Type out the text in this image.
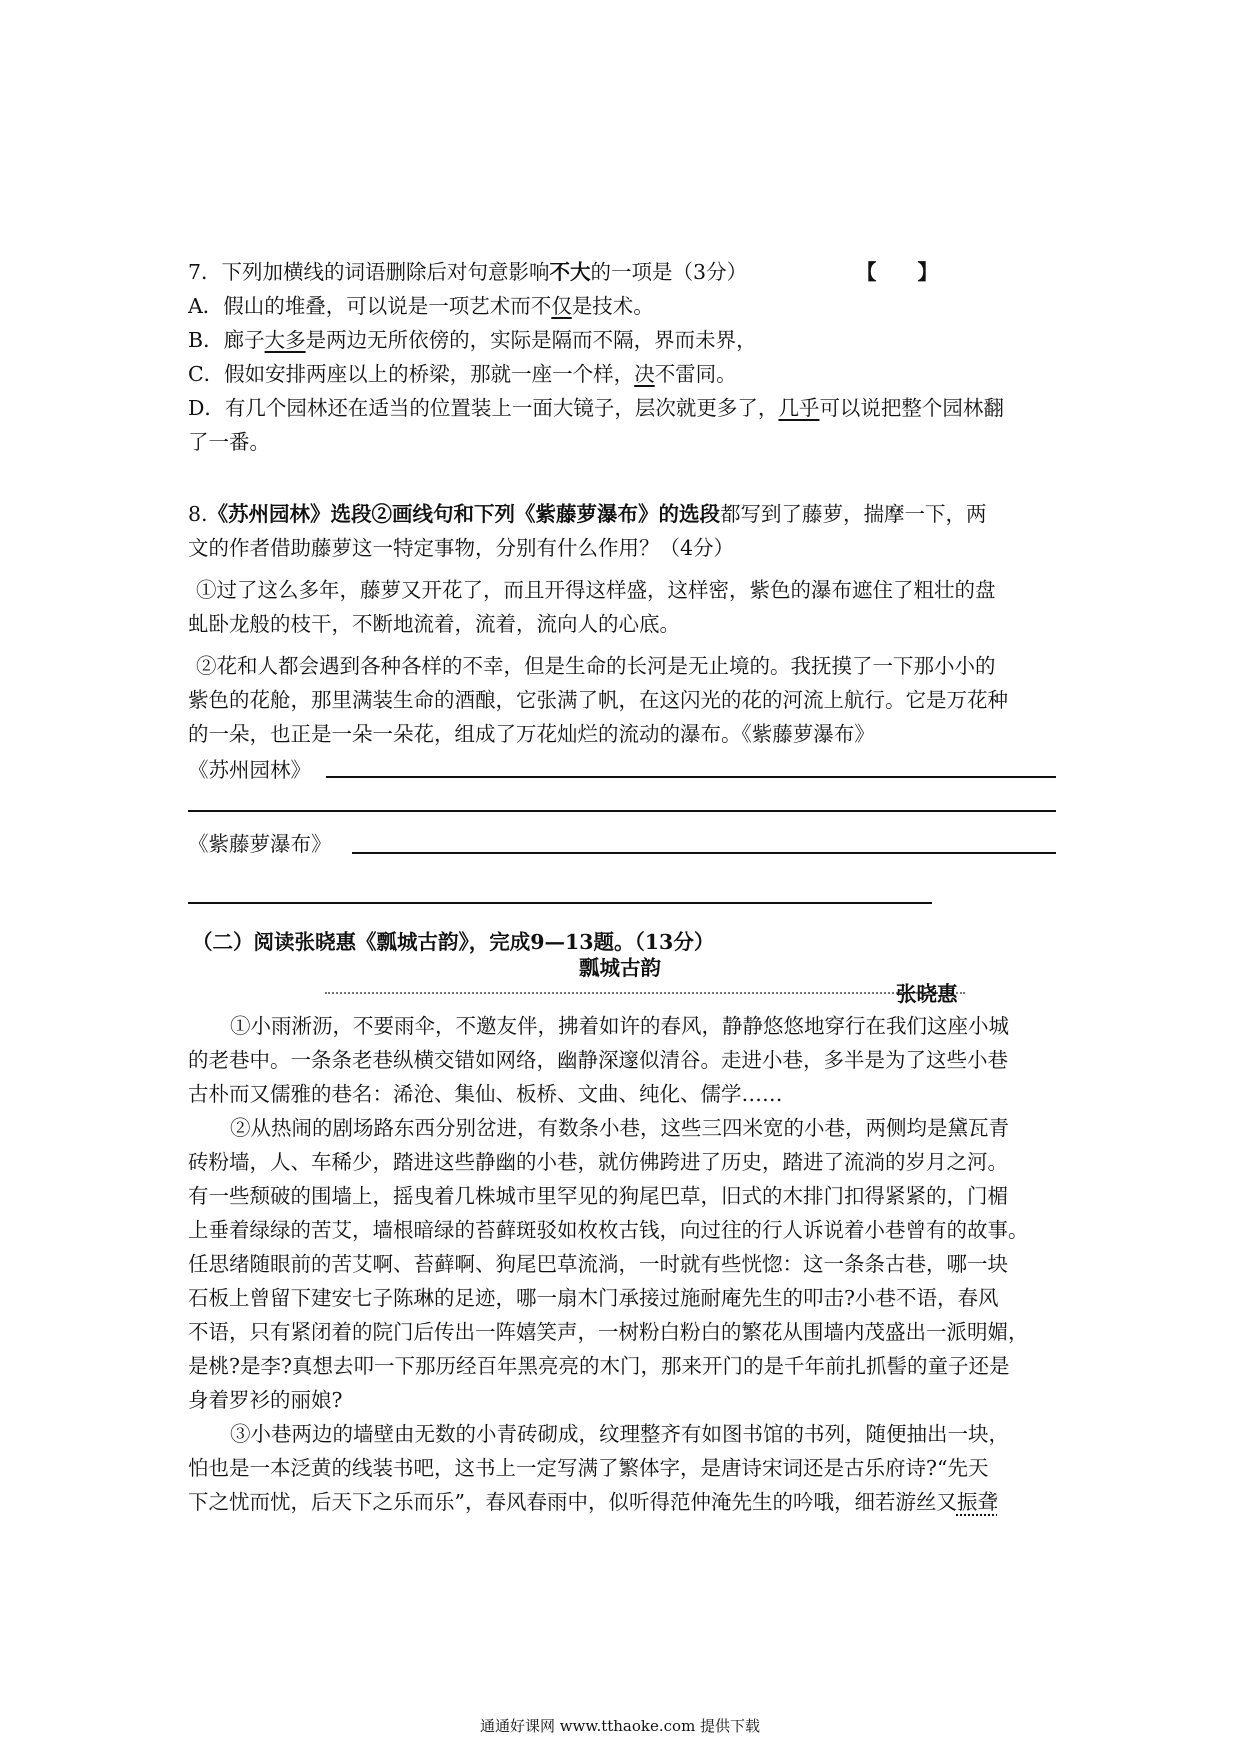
7．下列加横线的词语删除后对句意影响不大的一项是（3分）	【　　】
A．假山的堆叠，可以说是一项艺术而不仅是技术。
B．廊子大多是两边无所依傍的，实际是隔而不隔，界而未界，
C．假如安排两座以上的桥梁，那就一座一个样，决不雷同。
D．有几个园林还在适当的位置装上一面大镜子，层次就更多了，几乎可以说把整个园林翻
了一番。
8.《苏州园林》选段②画线句和下列《紫藤萝瀑布》的选段都写到了藤萝，揣摩一下，两
文的作者借助藤萝这一特定事物，分别有什么作用？（4分）
①过了这么多年，藤萝又开花了，而且开得这样盛，这样密，紫色的瀑布遮住了粗壮的盘
虬卧龙般的枝干，不断地流着，流着，流向人的心底。
②花和人都会遇到各种各样的不幸，但是生命的长河是无止境的。我抚摸了一下那小小的
紫色的花舱，那里满装生命的酒酿，它张满了帆，在这闪光的花的河流上航行。它是万花种
的一朵，也正是一朵一朵花，组成了万花灿烂的流动的瀑布。《紫藤萝瀑布》
《苏州园林》
《紫藤萝瀑布》
（二）阅读张晓惠《瓢城古韵》，完成9—13题。（13分）
瓢城古韵
张晓惠
①小雨淅沥，不要雨伞，不邀友伴，拂着如许的春风，静静悠悠地穿行在我们这座小城
的老巷中。一条条老巷纵横交错如网络，幽静深邃似清谷。走进小巷，多半是为了这些小巷
古朴而又儒雅的巷名：浠沧、集仙、板桥、文曲、纯化、儒学……
②从热闹的剧场路东西分别岔进，有数条小巷，这些三四米宽的小巷，两侧均是黛瓦青
砖粉墙，人、车稀少，踏进这些静幽的小巷，就仿佛跨进了历史，踏进了流淌的岁月之河。
有一些颓破的围墙上，摇曳着几株城市里罕见的狗尾巴草，旧式的木排门扣得紧紧的，门楣
上垂着绿绿的苦艾，墙根暗绿的苔藓斑驳如枚枚古钱，向过往的行人诉说着小巷曾有的故事。
任思绪随眼前的苦艾啊、苔藓啊、狗尾巴草流淌，一时就有些恍惚：这一条条古巷，哪一块
石板上曾留下建安七子陈琳的足迹，哪一扇木门承接过施耐庵先生的叩击?小巷不语，春风
不语，只有紧闭着的院门后传出一阵嬉笑声，一树粉白粉白的繁花从围墙内茂盛出一派明媚，
是桃?是李?真想去叩一下那历经百年黑亮亮的木门，那来开门的是千年前扎抓髻的童子还是
身着罗衫的丽娘?
③小巷两边的墙壁由无数的小青砖砌成，纹理整齐有如图书馆的书列，随便抽出一块，
怕也是一本泛黄的线装书吧，这书上一定写满了繁体字，是唐诗宋词还是古乐府诗?“先天
下之忧而忧，后天下之乐而乐”，春风春雨中，似听得范仲淹先生的吟哦，细若游丝又振聋
通通好课网 www.tthaoke.com 提供下载
